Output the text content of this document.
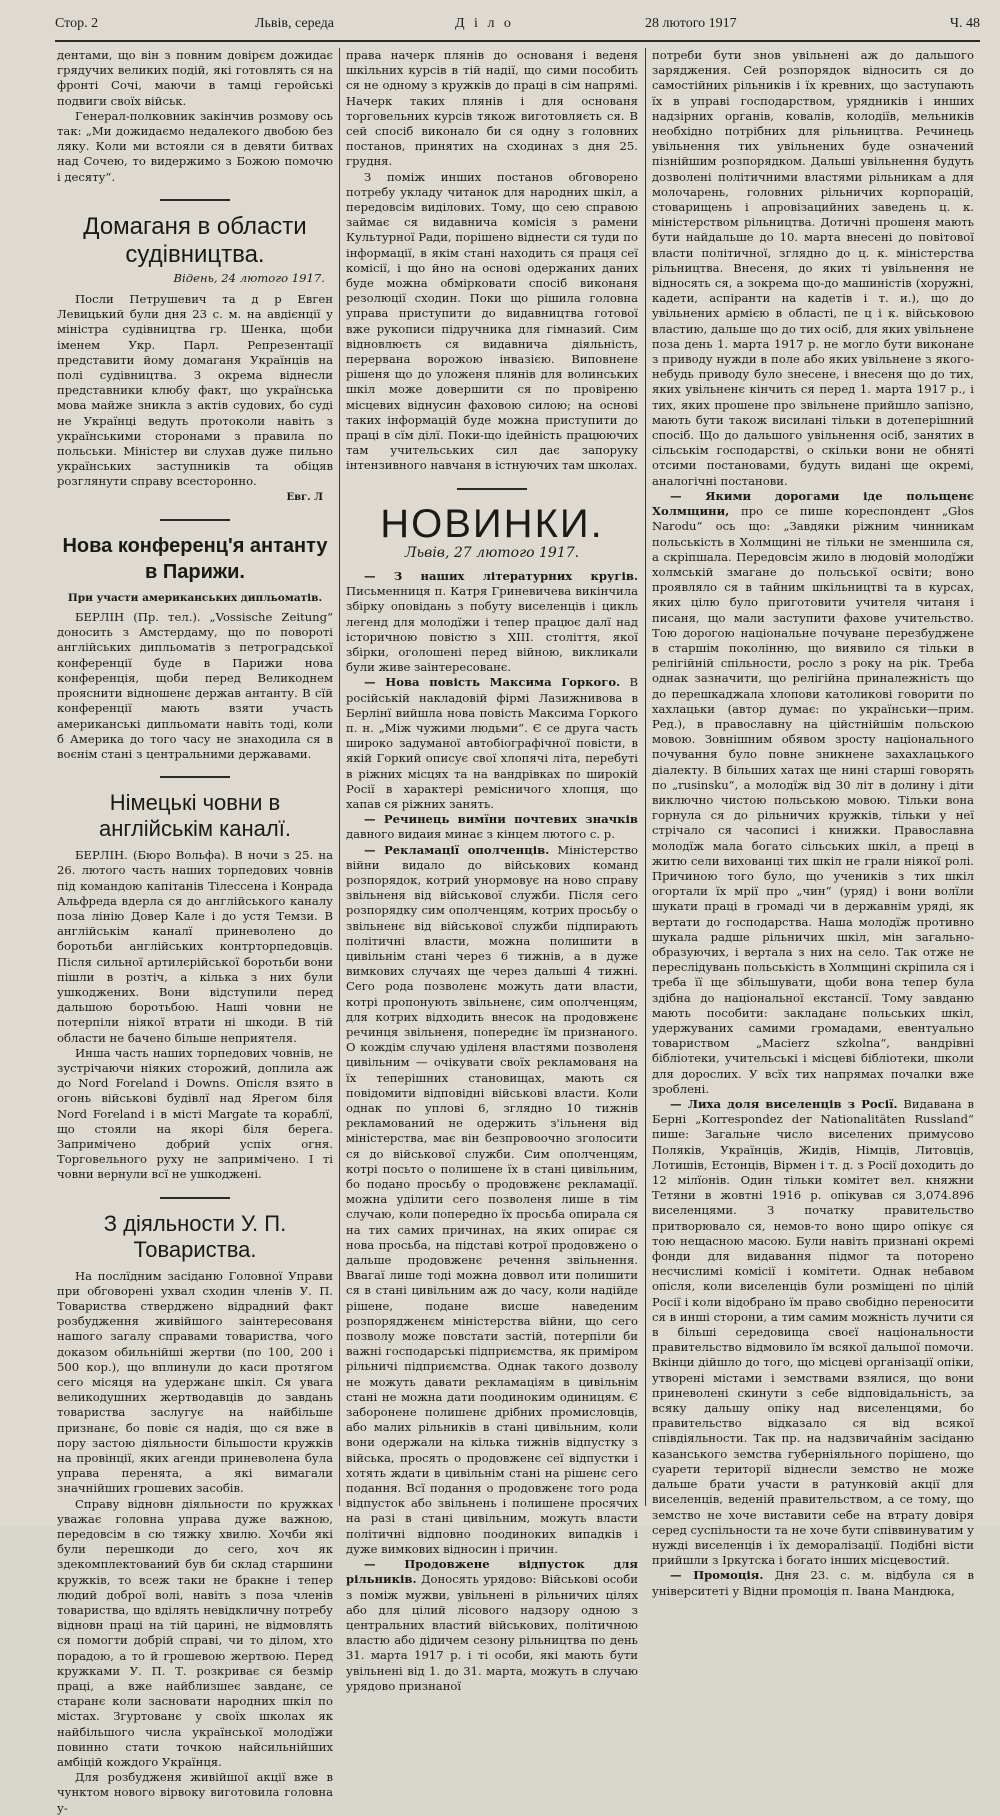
Стор. 2	Львів, середа	Д і л о	28 лютого 1917	Ч. 48

дентами, що він з повним довірєм дожидає грядучих великих подій, які готовлять ся на фронті Сочі, маючи в тамці геройські подвиги своїх військ.

Генерал-полковник закінчив розмову ось так: „Ми дожидаємо недалекого двобою без ляку. Коли ми встояли ся в девяти битвах над Сочею, то видержимо з Божою помочю і десяту“.

Домаганя в области судівництва.
Відень, 24 лютого 1917.

Посли Петрушевич та д р Евген Левицький були дня 23 с. м. на авдієнції у міністра судівництва гр. Шенка, щоби іменем Укр. Парл. Репрезентації представити йому домаганя Українців на полі судівництва. З окрема віднесли представники клюбу факт, що українська мова майже зникла з актів судових, бо суді не Українці ведуть протоколи навіть з українськими сторонами з правила по польськи. Міністер ви слухав дуже пильно українських заступників та обіцяв розглянути справу всесторонно.

Евг. Л
Нова конференц'я антанту в Парижи.
При участи американських дипльоматів.

БЕРЛІН (Пр. тел.). „Vossische Zeitung“ доносить з Амстердаму, що по повороті англійських дипльоматів з петроградської конференції буде в Парижи нова конференція, щоби перед Великоднем прояснити відношенє держав антанту. В сїй конференції мають взяти участь американські дипльомати навіть тоді, коли б Америка до того часу не знаходила ся в воєнім стані з центральними державами.

Німецькі човни в англійськім каналї.

БЕРЛІН. (Бюро Вольфа). В ночи з 25. на 26. лютого часть наших торпедових човнів під командою капітанів Тілессена і Конрада Альфреда вдерла ся до англійського каналу поза лінію Довер Кале і до устя Темзи. В англійськім каналї приневолено до боротьби англійських контрторпедовців. Після сильної артилєрійської боротьби вони пішли в розтіч, а кілька з них були ушкоджених. Вони відступили перед дальшою боротьбою. Наші човни не потерпіли ніякої втрати ні шкоди. В тій области не бачено більше неприятеля.

Инша часть наших торпедових човнів, не зустрічаючи ніяких сторожий, доплила аж до Nord Foreland і Downs. Опісля взято в огонь військові будівлї над Ярегом біля Nord Foreland і в місті Margate та кораблї, що стояли на якорі біля берега. Запримічено добрий успіх огня. Торговельного руху не запримічено. І ті човни вернули всї не ушкоджені.

З діяльности У. П. Товариства.

На послїдним засіданю Головної Управи при обговорені ухвал сходин членів У. П. Товариства стверджено відрадний факт розбудження живійшого заінтересованя нашого загалу справами товариства, чого доказом обильнійші жертви (по 100, 200 і 500 кор.), що вплинули до каси протягом сего місяця на удержанє шкіл. Ся увага великодушних жертводавців до завдань товариства заслугує на найбільше признанє, бо повіє ся надія, що ся вже в пору застою діяльности більшости кружків на провінції, яких агенди приневолена була управа перенята, а які вимагали значнійших грошевих засобів.

Справу відновн діяльности по кружках уважає головна управа дуже важною, передовсім в сю тяжку хвилю. Хочби які були перешкоди до сего, хоч як здекомплектований був би склад старшини кружків, то всеж таки не бракне і тепер людий доброї волі, навіть з поза членів товариства, що вділять невідкличну потребу відновн праці на тій царині, не відмовлять ся помогти добрій справі, чи то ділом, хто порадою, а то й грошевою жертвою. Перед кружками У. П. Т. розкриває ся безмір праці, а вже найблизшеє завданє, се старанє коли засновати народних шкіл по містах. Згуртованє у своїх школах як найбільшого числа української молодїжи повинно стати точкою найсильнійших амбіцій кождого Українця.

Для розбудженя живійшої акції вже в чунктом нового вірвоку виготовила головна у-

права начерк плянів до основаня і веденя шкільних курсів в тій надії, що сими пособить ся не одному з кружків до праці в сім напрямі. Начерк таких плянів і для основаня торговельних курсів тякож виготовляєть ся. В сей спосіб виконало би ся одну з головних постанов, принятих на сходинах з дня 25. грудня.

З поміж инших постанов обговорено потребу укладу читанок для народних шкіл, а передовсім виділових. Тому, що сею справою займає ся видавнича комісія з рамени Культурної Ради, порішено віднести ся туди по інформації, в якім стані находить ся праця сеї комісії, і що йно на основі одержаних даних буде можна обмірковати спосіб виконаня резолюції сходин. Поки що рішила головна управа приступити до видавництва готової вже рукописи підручника для гімназий. Сим відновлюєть ся видавнича діяльність, перервана ворожою інвазією. Виповнене рішеня що до уложеня плянів для волинських шкіл може довершити ся по провіреню місцевих віднусин фаховою силою; на основі таких інформацій буде можна приступити до праці в сїм ділї. Поки-що ідейність працюючих там учительських сил дає запоруку інтензивного навчаня в істнуючих там школах.

НОВИНКИ.
Львів, 27 лютого 1917.

— З наших літературних кругів. Письменниця п. Катря Гриневичева викінчила збірку оповідань з побуту виселенців і цикль легенд для молодїжи і тепер працює далї над історичною повістю з XIII. століття, якої збірки, оголошені перед війною, викликали були живе заінтересованє.

— Нова повість Максима Горкого. В російській накладовій фірмі Лазижнивова в Берлінї вийшла нова повість Максима Горкого п. н. „Між чужими людьми“. Є се друга часть широко задуманої автобіографічної повісти, в якій Горкий описує свої хлопячі літа, перебуті в ріжних місцях та на вандрівках по широкій Росії в характері ремісничого хлопця, що хапав ся ріжних занять.

— Речинець вимїни почтевих значків давного видаия минає з кінцем лютого с. р.

— Рекламації ополченців. Міністерство війни видало до військових команд розпорядок, котрий унормовує на ново справу звільненя від військової служби. Після сего розпорядку сим ополченцям, котрих просьбу о звільненє від військової служби підпирають політичні власти, можна полишити в цивільнім стані через 6 тижнів, а в дуже вимкових случаях ще через дальші 4 тижні. Сего рода позволенє можуть дати власти, котрі пропонують звільненє, сим ополченцям, для котрих відходить внесок на продовженє речинця звільненя, попереднє їм признаного. О кождім случаю уділеня властями позволеня цивільним — очікувати своїх рекламованя на їх теперішних становищах, мають ся повідомити відповідні військові власти. Коли однак по уплові 6, зглядно 10 тижнів рекламований не одержить з'ільненя від міністерства, має він безпровоочно зголосити ся до військової служби. Сим ополченцям, котрі посьто о полишене їх в стані цивільним, бо подано просьбу о продовженє рекламації. можна уділити сего позволеня лише в тім случаю, коли попередно їх просьба опирала ся на тих самих причинах, на яких опирає ся нова просьба, на підставі котрої продовжено о дальше продовженє речення звільнення. Ввагаї лише тоді можна доввол ити полишити ся в стані цивільним аж до часу, коли надійде рішене, подане висше наведеним розпорядженєм міністерства війни, що сего позволу може повстати застій, потерпіли би важні господарські підприємства, як приміром рільничі підприємства. Однак такого дозволу не можуть давати рекламаціям в цивільнім стані не можна дати поодиноким одиницям. Є заборонене полишенє дрібних промисловців, або малих рільників в стані цивільним, коли вони одержали на кілька тижнів відпустку з війська, просять о продовженє сеї відпустки і хотять ждати в цивільнім стані на рішенє сего подання. Всї подання о продовженє того рода відпусток або звільнень і полишене просячих на разі в стані цивільним, можуть власти політичні відповно поодиноких випадків і дуже вимкових відносин і причин.

— Продовжене відпусток для рільників. Доносять урядово: Військові особи з поміж мужви, увільнені в рільничих цілях або для цілий лісового надзору одною з центральних властий військових, політичною властю або дідичем сезону рільництва по день 31. марта 1917 р. і ті особи, які мають бути увільнені від 1. до 31. марта, можуть в случаю урядово признаної

потреби бути знов увільнені аж до дальшого заряджения. Сей розпорядок відносить ся до самостійних рільників і їх кревних, що заступають їх в управі господарством, урядників і инших надзірних органів, ковалів, колодіїв, мельників необхідно потрібних для рільництва. Речинець увільнення тих увільнених буде означений пізнійшим розпорядком. Дальші увільнення будуть дозволені політичними властями рільникам а для молочарень, головних рільничих корпорацій, стоварищень і апровізацийних заведень ц. к. міністерством рільництва. Дотичні прошеня мають бути найдальше до 10. марта внесені до повітової власти політичної, зглядно до ц. к. міністерства рільництва. Внесеня, до яких ті увільнення не відносять ся, а зокрема що-до машиністів (хоружні, кадети, аспіранти на кадетів і т. и.), що до увільнених армією в області, пе ц і к. військовою властию, дальше що до тих осіб, для яких увільнене поза день 1. марта 1917 р. не могло бути виконане з приводу нужди в поле або яких увільнене з якого-небудь приводу було знесене, і внесеня що до тих, яких увільненє кінчить ся перед 1. марта 1917 р., і тих, яких прошене про звільнене прийшло запізно, мають бути також висилані тільки в дотеперішний спосіб. Що до дальшого увільнення осіб, занятих в сільськім господарстві, о скільки вони не обняті отсими постановами, будуть видані ще окремі, аналогічні постанови.

— Якими дорогами іде польщенє Холмщини, про се пише кореспондент „Głos Narodu“ ось що: „Завдяки ріжним чинникам польськість в Холмщині не тільки не зменшила ся, а скріпшала. Передовсім жило в людовій молодїжи холмській змагане до польської освіти; воно проявляло ся в тайним шкільництві та в курсах, яких цілю було приготовити учителя читаня і писаня, що мали заступити фахове учительство. Тою дорогою національне почуване перезбуджене в старшім поколінню, що виявило ся тільки в релігійній спільности, росло з року на рік. Треба однак зазначити, що релігійна приналежність що до перешкаджала хлопови католикові говорити по хахлацьки (автор думає: по українськи—прим. Ред.), в православну на ційстнійшім польскою мовою. Зовнішним обявом зросту національного почування було повне зникнене захахлацького діалекту. В більших хатах ще нині старші говорять по „rusinsku“, а молодїж від 30 літ в долину і діти виключно чистою польською мовою. Тільки вона горнула ся до рільничих кружків, тільки у неї стрічало ся часописі і книжки. Православна молодїж мала богато сільських шкіл, а преці в житю сели вихованці тих шкіл не грали ніякої ролі. Причиною того було, що учеників з тих шкіл огортали їх мрії про „чин“ (уряд) і вони волїли шукати праці в громаді чи в державнім уряді, як вертати до господарства. Наша молодїж противно шукала радше рільничих шкіл, мін загально-образуючих, і вертала з них на село. Так отже не переслідувань польськість в Холмщині скріпила ся і треба її ще збільшувати, щоби вона тепер була здібна до національної екстансії. Тому завданю мають пособити: закладанє польських шкіл, удержуваних самими громадами, евентуально товариством „Macierz szkolna“, вандрівні бібліотеки, учительські і місцеві бібліотеки, школи для дорослих. У всїх тих напрямах почалки вже зроблені.

— Лиха доля виселенців з Росії. Видавана в Берні „Korrespondez der Nationalitäten Russland“ пише: Загальне число виселених примусово Поляків, Українців, Жидів, Німців, Литовців, Лотишів, Естонців, Вірмен і т. д. з Росії доходить до 12 мілїонів. Один тільки комітет вел. княжни Тетяни в жовтні 1916 р. опікував ся 3,074.896 виселенцями. З початку правительство притворювало ся, немов-то воно щиро опікує ся тою нещасною масою. Були навіть признані окремі фонди для видавання підмог та поторено несчислимі комісії і комітети. Однак небавом опісля, коли виселенців були розміщені по цілій Росії і коли відобрано їм право свобідно переносити ся в инші сторони, а тим самим можність лучити ся в більші середовища своєї національности правительство відмовило їм всякої дальшої помочи. Вкінци дійшло до того, що місцеві організації опіки, утворені містами і земствами взялися, що вони приневолені скинути з себе відповідальність, за всяку дальшу опіку над виселенцями, бо правительство відказало ся від всякої співдіяльности. Так пр. на надзвичайнім засіданю казанського земства губерніяльного порішено, що суарети території віднесли земство не може дальше брати участи в ратунковій акції для виселенців, веденій правительством, а се тому, що земство не хоче виставити себе на втрату довіря серед суспільности та не хоче бути співвинуватим у нужді виселенців і їх деморалізації. Подібні вісти прийшли з Іркутска і богато інших місцевостий.

— Промоція. Дня 23. с. м. відбула ся в університеті у Відни промоція п. Івана Мандюка,
